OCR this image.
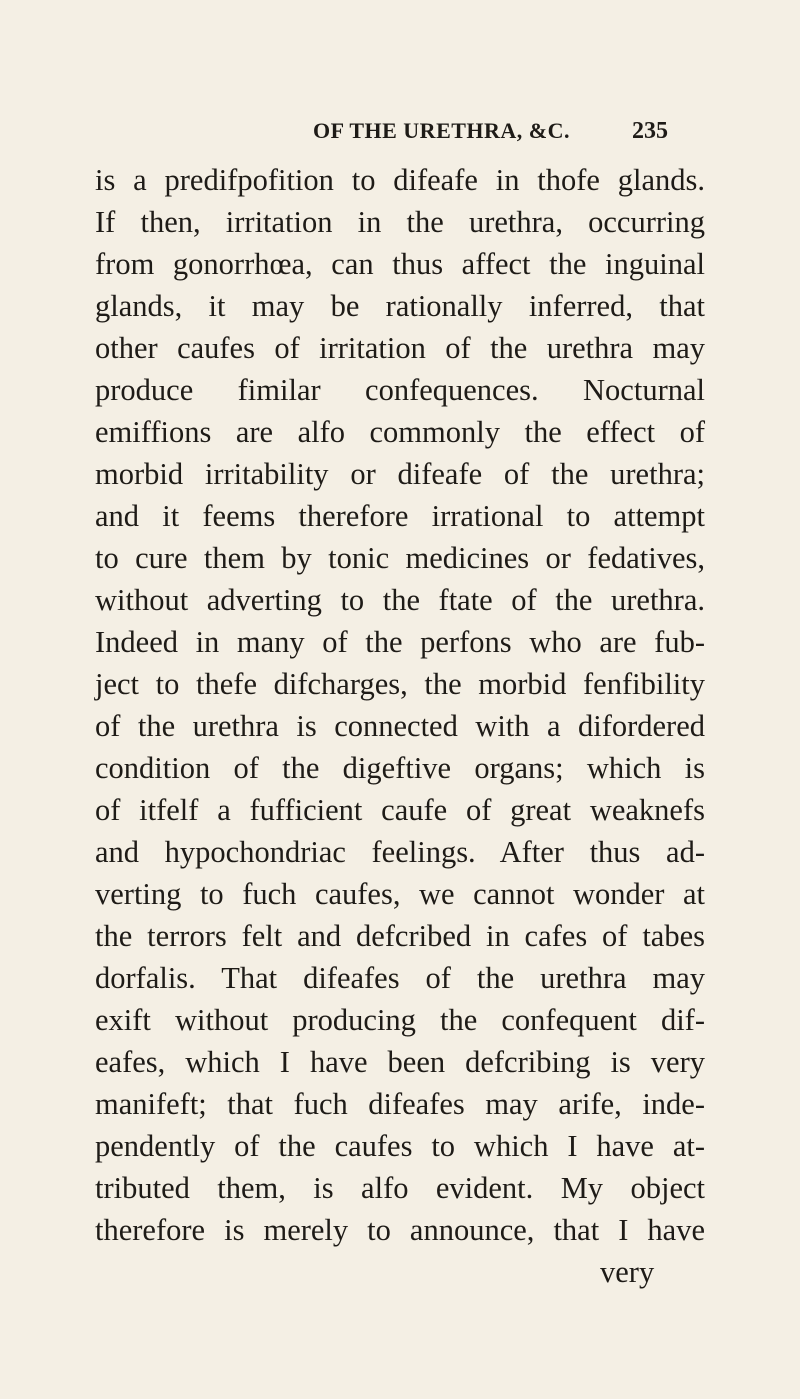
OF THE URETHRA, &C.	235
is a predifpofition to difeafe in thofe glands.
If then, irritation in the urethra, occurring
from gonorrhœa, can thus affect the inguinal
glands, it may be rationally inferred, that
other caufes of irritation of the urethra may
produce fimilar confequences. Nocturnal
emiffions are alfo commonly the effect of
morbid irritability or difeafe of the urethra;
and it feems therefore irrational to attempt
to cure them by tonic medicines or fedatives,
without adverting to the ftate of the urethra.
Indeed in many of the perfons who are fub-
ject to thefe difcharges, the morbid fenfibility
of the urethra is connected with a difordered
condition of the digeftive organs; which is
of itfelf a fufficient caufe of great weaknefs
and hypochondriac feelings. After thus ad-
verting to fuch caufes, we cannot wonder at
the terrors felt and defcribed in cafes of tabes
dorfalis. That difeafes of the urethra may
exift without producing the confequent dif-
eafes, which I have been defcribing is very
manifeft; that fuch difeafes may arife, inde-
pendently of the caufes to which I have at-
tributed them, is alfo evident. My object
therefore is merely to announce, that I have
very
